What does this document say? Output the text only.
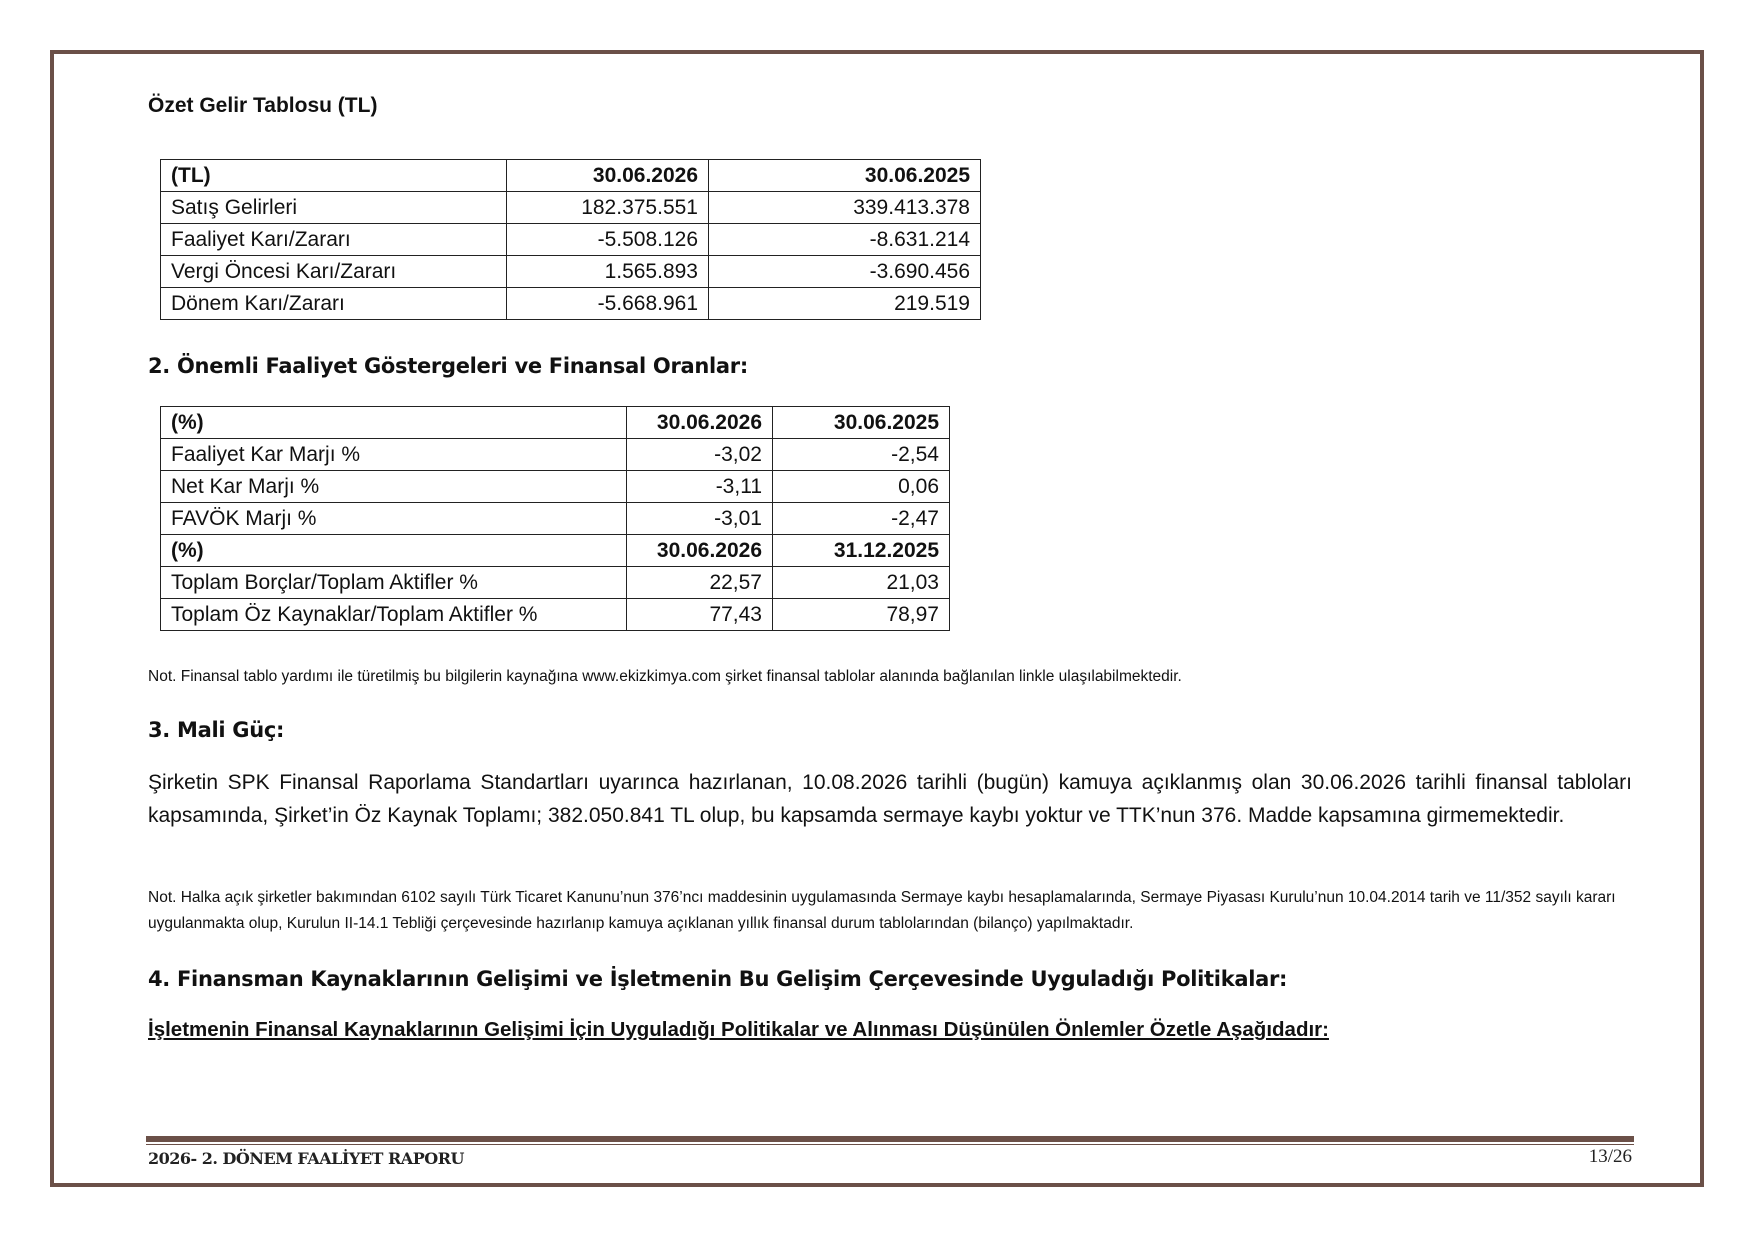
Özet Gelir Tablosu (TL)
(TL)	30.06.2026	30.06.2025
Satış Gelirleri	182.375.551	339.413.378
Faaliyet Karı/Zararı	-5.508.126	-8.631.214
Vergi Öncesi Karı/Zararı	1.565.893	-3.690.456
Dönem Karı/Zararı	-5.668.961	219.519
2. Önemli Faaliyet Göstergeleri ve Finansal Oranlar:
(%)	30.06.2026	30.06.2025
Faaliyet Kar Marjı %	-3,02	-2,54
Net Kar Marjı %	-3,11	0,06
FAVÖK Marjı %	-3,01	-2,47
(%)	30.06.2026	31.12.2025
Toplam Borçlar/Toplam Aktifler %	22,57	21,03
Toplam Öz Kaynaklar/Toplam Aktifler %	77,43	78,97
Not. Finansal tablo yardımı ile türetilmiş bu bilgilerin kaynağına www.ekizkimya.com şirket finansal tablolar alanında bağlanılan linkle ulaşılabilmektedir.
3. Mali Güç:
Şirketin SPK Finansal Raporlama Standartları uyarınca hazırlanan, 10.08.2026 tarihli (bugün) kamuya açıklanmış olan 30.06.2026 tarihli finansal tabloları kapsamında, Şirket’in Öz Kaynak Toplamı; 382.050.841 TL olup, bu kapsamda sermaye kaybı yoktur ve TTK’nun 376. Madde kapsamına girmemektedir.
Not. Halka açık şirketler bakımından 6102 sayılı Türk Ticaret Kanunu’nun 376’ncı maddesinin uygulamasında Sermaye kaybı hesaplamalarında, Sermaye Piyasası Kurulu’nun 10.04.2014 tarih ve 11/352 sayılı kararı uygulanmakta olup, Kurulun II-14.1 Tebliği çerçevesinde hazırlanıp kamuya açıklanan yıllık finansal durum tablolarından (bilanço) yapılmaktadır.
4. Finansman Kaynaklarının Gelişimi ve İşletmenin Bu Gelişim Çerçevesinde Uyguladığı Politikalar:
İşletmenin Finansal Kaynaklarının Gelişimi İçin Uyguladığı Politikalar ve Alınması Düşünülen Önlemler Özetle Aşağıdadır:
2026- 2. DÖNEM FAALİYET RAPORU	13/26
